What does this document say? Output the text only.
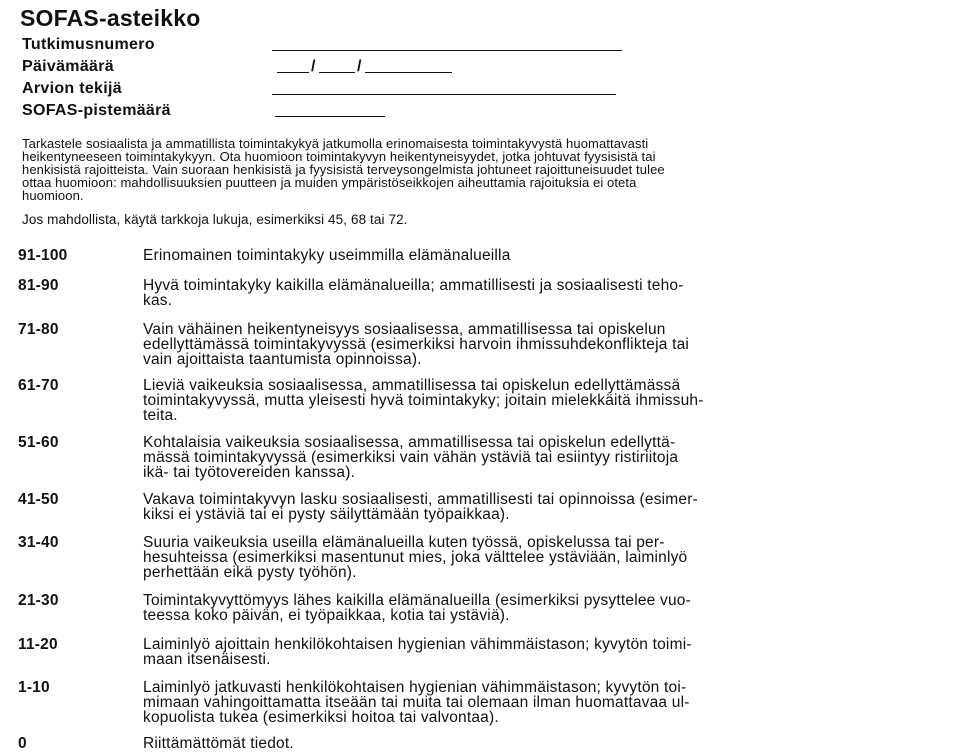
SOFAS-asteikko
Tutkimusnumero
Päivämäärä	/	/
Arvion tekijä
SOFAS-pistemäärä

Tarkastele sosiaalista ja ammatillista toimintakykyä jatkumolla erinomaisesta toimintakyvystä huomattavasti

heikentyneeseen toimintakykyyn. Ota huomioon toimintakyvyn heikentyneisyydet, jotka johtuvat fyysisistä tai

henkisistä rajoitteista. Vain suoraan henkisistä ja fyysisistä terveysongelmista johtuneet rajoittuneisuudet tulee

ottaa huomioon: mahdollisuuksien puutteen ja muiden ympäristöseikkojen aiheuttamia rajoituksia ei oteta

huomioon.

Jos mahdollista, käytä tarkkoja lukuja, esimerkiksi 45, 68 tai 72.
91-100	Erinomainen toimintakyky useimmilla elämänalueilla
81-90	Hyvä toimintakyky kaikilla elämänalueilla; ammatillisesti ja sosiaalisesti teho-
kas.
71-80	Vain vähäinen heikentyneisyys sosiaalisessa, ammatillisessa tai opiskelun
edellyttämässä toimintakyvyssä (esimerkiksi harvoin ihmissuhdekonflikteja tai
vain ajoittaista taantumista opinnoissa).
61-70	Lieviä vaikeuksia sosiaalisessa, ammatillisessa tai opiskelun edellyttämässä
toimintakyvyssä, mutta yleisesti hyvä toimintakyky; joitain mielekkäitä ihmissuh-
teita.
51-60	Kohtalaisia vaikeuksia sosiaalisessa, ammatillisessa tai opiskelun edellyttä-
mässä toimintakyvyssä (esimerkiksi vain vähän ystäviä tai esiintyy ristiriitoja
ikä- tai työtovereiden kanssa).
41-50	Vakava toimintakyvyn lasku sosiaalisesti, ammatillisesti tai opinnoissa (esimer-
kiksi ei ystäviä tai ei pysty säilyttämään työpaikkaa).
31-40	Suuria vaikeuksia useilla elämänalueilla kuten työssä, opiskelussa tai per-
hesuhteissa (esimerkiksi masentunut mies, joka välttelee ystäviään, laiminlyö
perhettään eikä pysty työhön).
21-30	Toimintakyvyttömyys lähes kaikilla elämänalueilla (esimerkiksi pysyttelee vuo-
teessa koko päivän, ei työpaikkaa, kotia tai ystäviä).
11-20	Laiminlyö ajoittain henkilökohtaisen hygienian vähimmäistason; kyvytön toimi-
maan itsenäisesti.
1-10	Laiminlyö jatkuvasti henkilökohtaisen hygienian vähimmäistason; kyvytön toi-
mimaan vahingoittamatta itseään tai muita tai olemaan ilman huomattavaa ul-
kopuolista tukea (esimerkiksi hoitoa tai valvontaa).
0	Riittämättömät tiedot.
